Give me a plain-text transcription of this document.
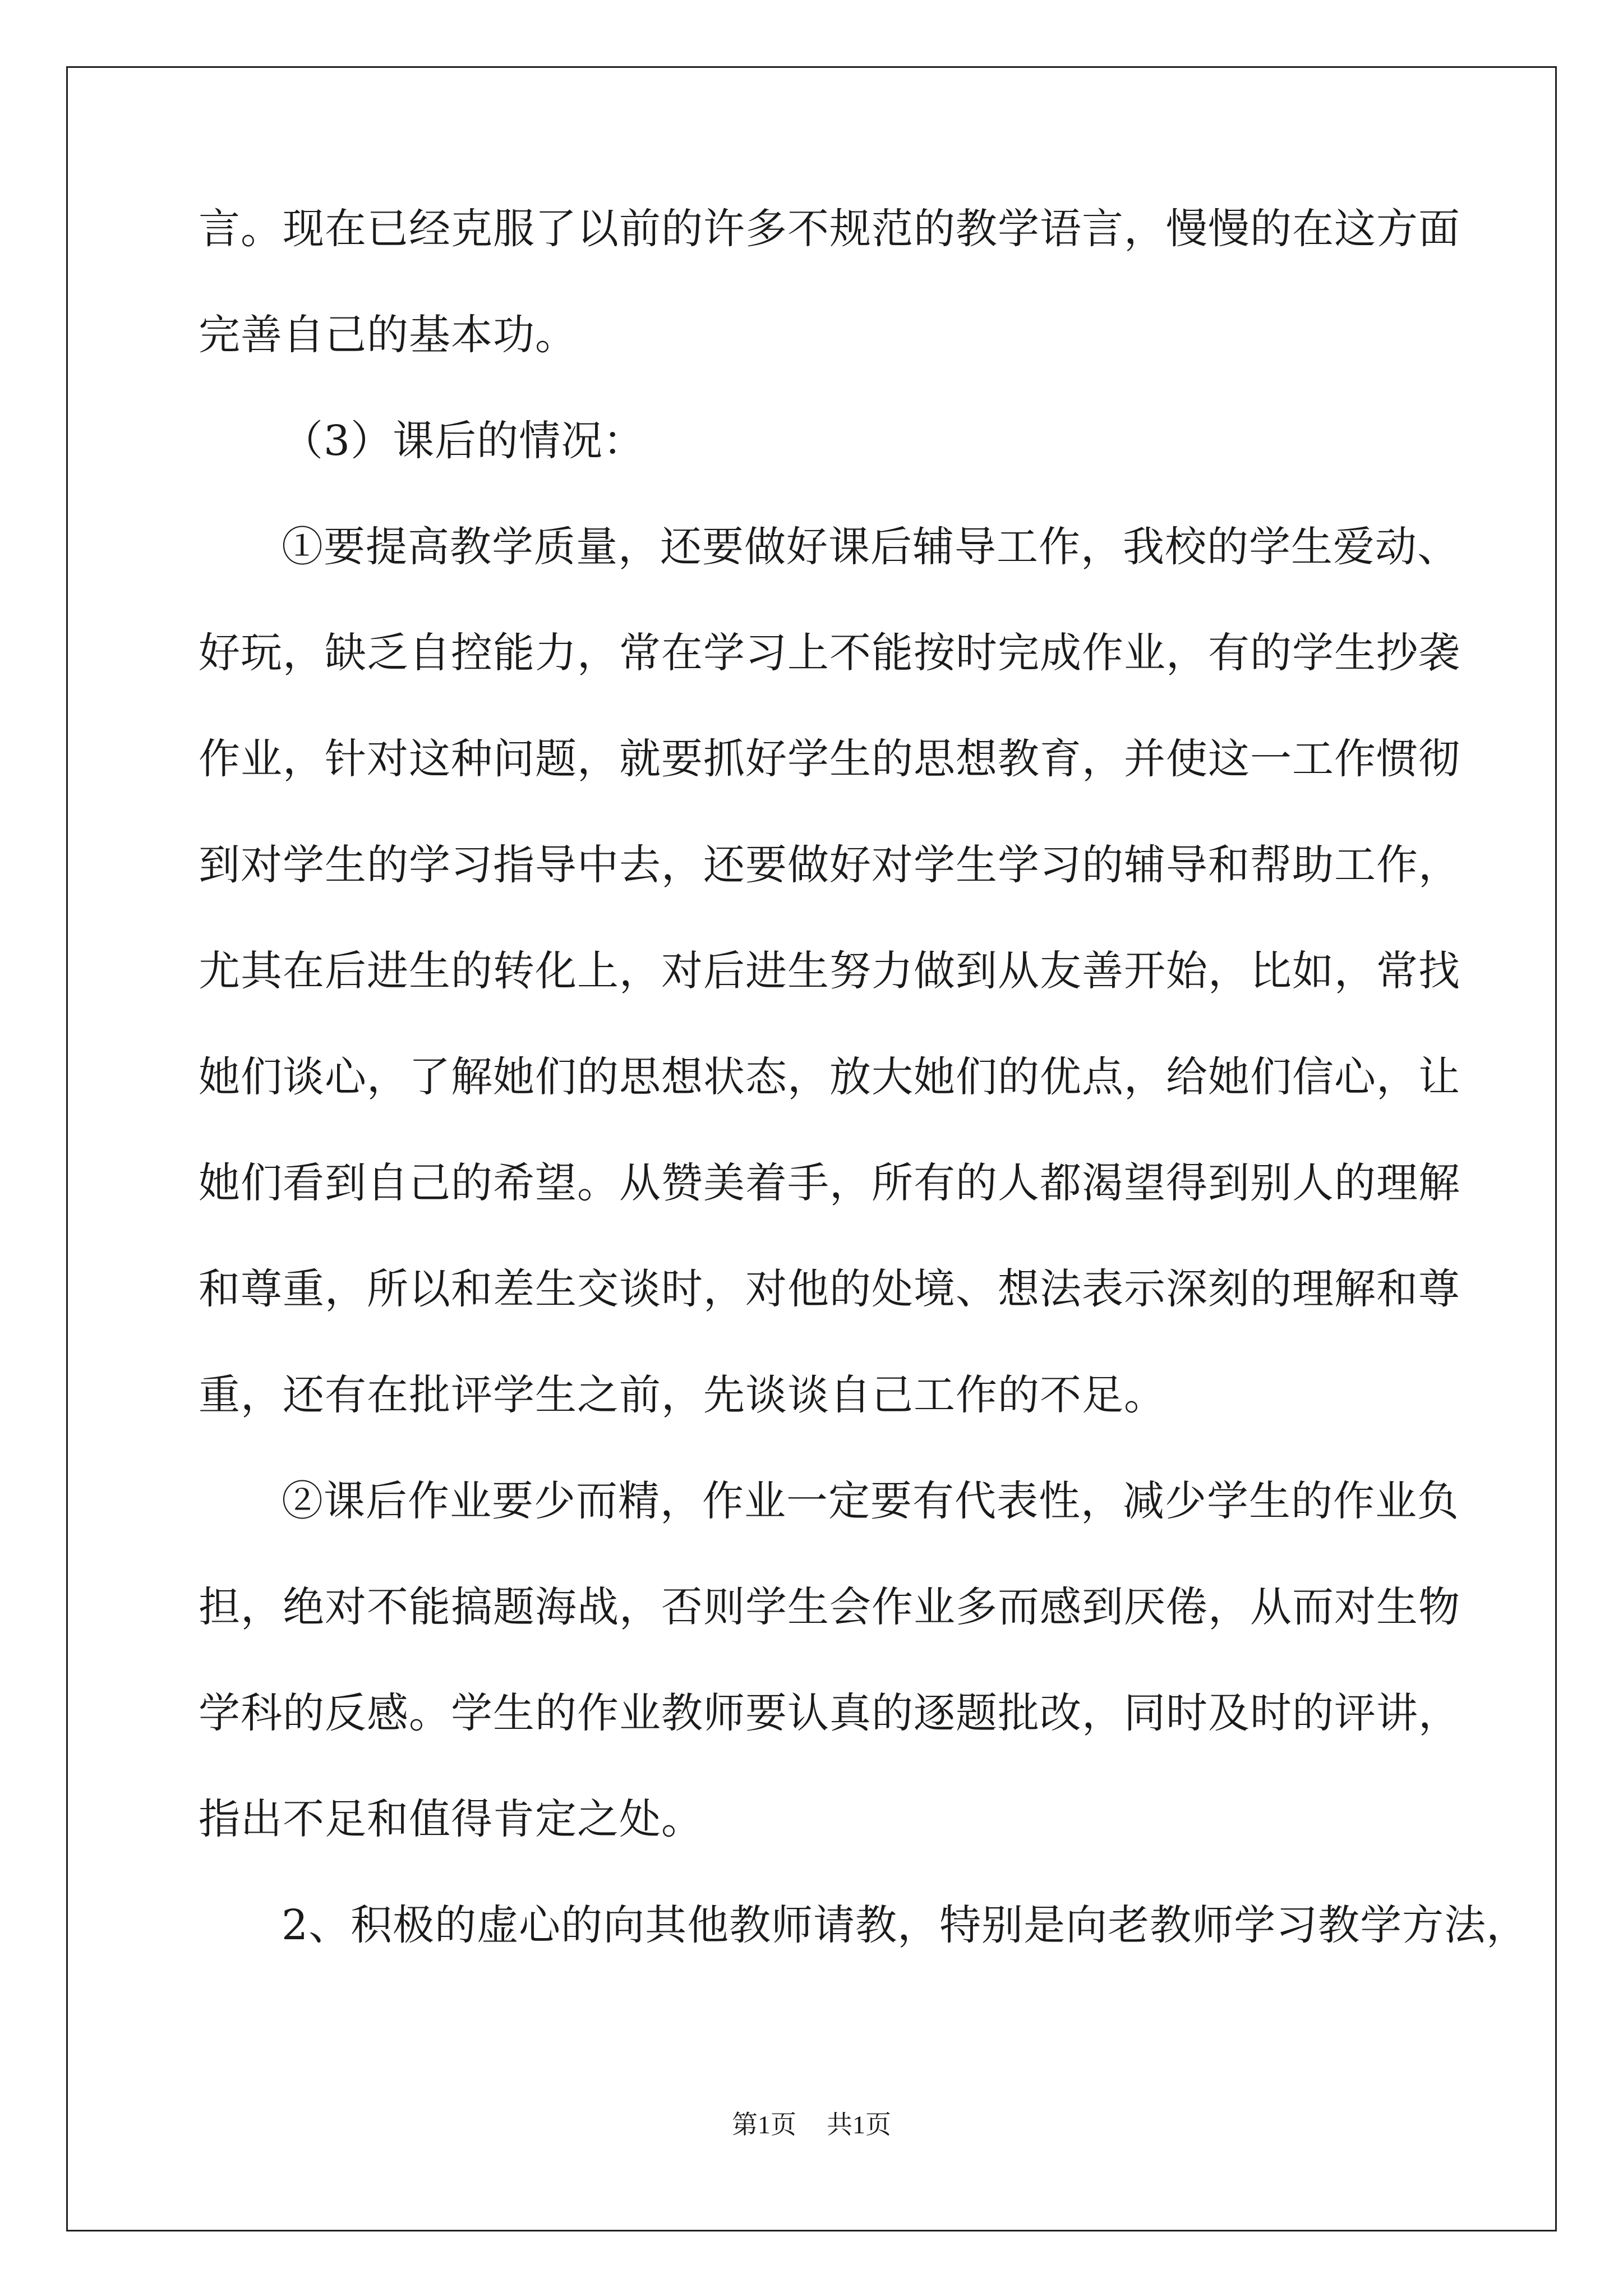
言。现在已经克服了以前的许多不规范的教学语言，慢慢的在这方面
完善自己的基本功。
（3）课后的情况：
①要提高教学质量，还要做好课后辅导工作，我校的学生爱动、
好玩，缺乏自控能力，常在学习上不能按时完成作业，有的学生抄袭
作业，针对这种问题，就要抓好学生的思想教育，并使这一工作惯彻
到对学生的学习指导中去，还要做好对学生学习的辅导和帮助工作，
尤其在后进生的转化上，对后进生努力做到从友善开始，比如，常找
她们谈心，了解她们的思想状态，放大她们的优点，给她们信心，让
她们看到自己的希望。从赞美着手，所有的人都渴望得到别人的理解
和尊重，所以和差生交谈时，对他的处境、想法表示深刻的理解和尊
重，还有在批评学生之前，先谈谈自己工作的不足。
②课后作业要少而精，作业一定要有代表性，减少学生的作业负
担，绝对不能搞题海战，否则学生会作业多而感到厌倦，从而对生物
学科的反感。学生的作业教师要认真的逐题批改，同时及时的评讲，
指出不足和值得肯定之处。
2、积极的虚心的向其他教师请教，特别是向老教师学习教学方法，
第1页 共1页
